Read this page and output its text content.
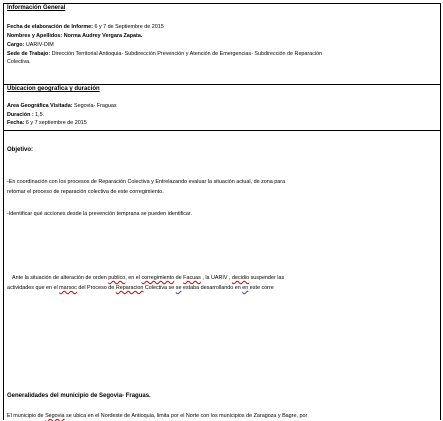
Información General
Fecha de elaboración de Informe: 6 y 7 de Septiembre de 2015
Nombres y Apellidos: Norma Audrey Vergara Zapata.
Cargo: UARIV-DIM
Sede de Trabajo: Dirección Territorial Antioquia- Subdirección Prevención y Atención de Emergencias- Subdirección de Reparación
Colectiva.
Ubicacion geografica y duración
Area Geográfica Visitada: Segovia- Fraguas
Duración : 1,5.
Fecha: 6 y 7 septiembre de 2015
Objetivo:
-En coordinación con los procesos de Reparación Colectiva y Entrelazando evaluar la situación actual, de zona para
retomar el proceso de reparación colectiva de este corregimiento.
-Identificar qué acciones desde la prevención temprana se pueden identificar.
Ante la situación de alteración de orden publico, en el corregimiento de Facuas , la UARIV , decidio suspender las
actividades que en el marsoc del Proceso de Reparacion Colectiva se se estaba desarrollando en en este corre
Generalidades del municipio de Segovia- Fraguas.
El municipio de Segovia se ubica en el Nordeste de Antioquia, limita por el Norte con los municipios de Zaragoza y Bagre, por
